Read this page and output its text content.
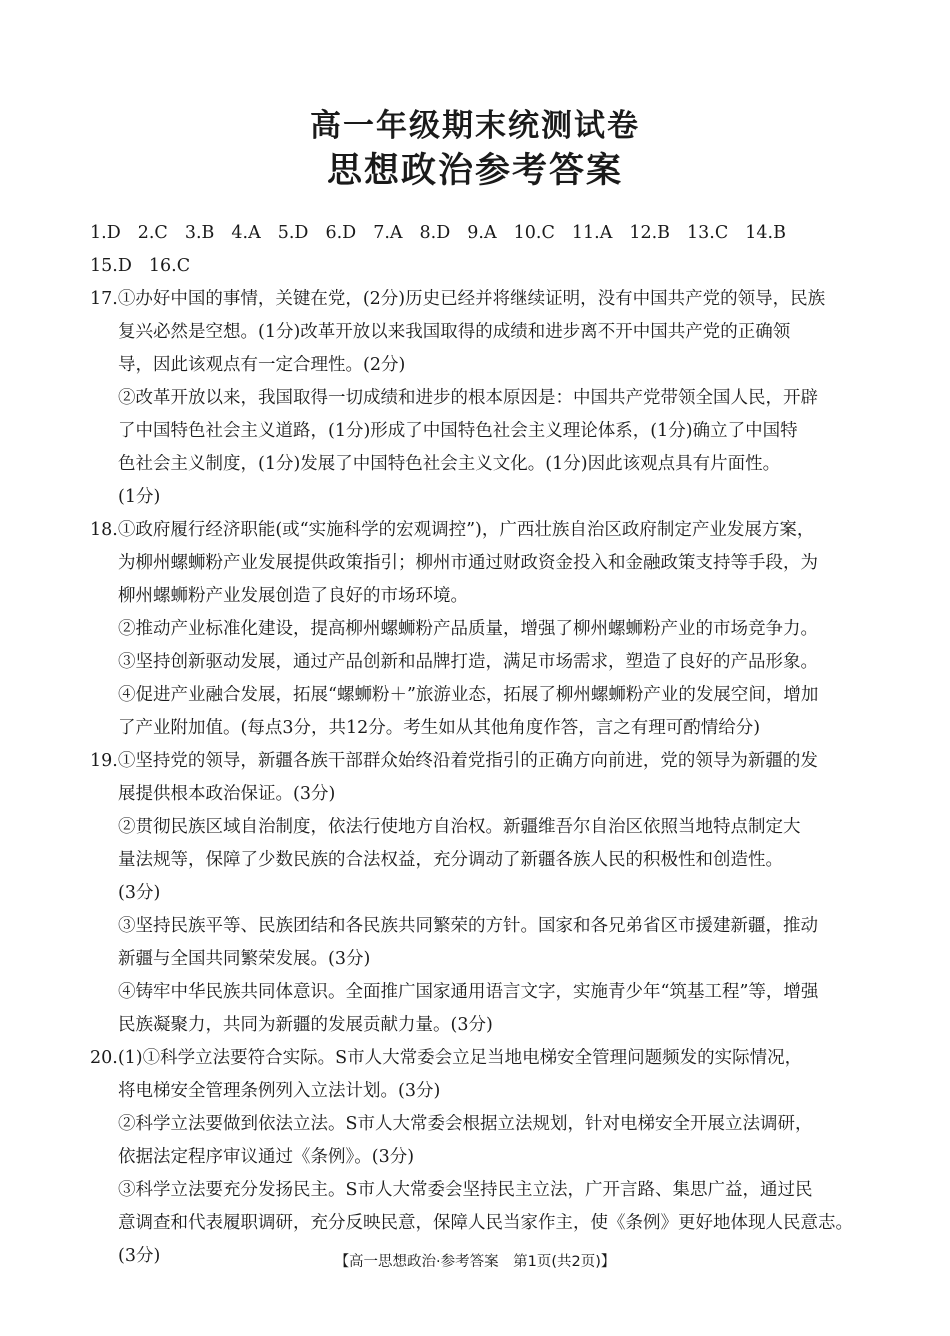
高一年级期末统测试卷
思想政治参考答案
1.D 2.C 3.B 4.A 5.D 6.D 7.A 8.D 9.A 10.C 11.A 12.B 13.C 14.B
15.D 16.C
17.①办好中国的事情，关键在党，(2分)历史已经并将继续证明，没有中国共产党的领导，民族
复兴必然是空想。(1分)改革开放以来我国取得的成绩和进步离不开中国共产党的正确领
导，因此该观点有一定合理性。(2分)
②改革开放以来，我国取得一切成绩和进步的根本原因是：中国共产党带领全国人民，开辟
了中国特色社会主义道路，(1分)形成了中国特色社会主义理论体系，(1分)确立了中国特
色社会主义制度，(1分)发展了中国特色社会主义文化。(1分)因此该观点具有片面性。
(1分)
18.①政府履行经济职能(或“实施科学的宏观调控”)，广西壮族自治区政府制定产业发展方案，
为柳州螺蛳粉产业发展提供政策指引；柳州市通过财政资金投入和金融政策支持等手段，为
柳州螺蛳粉产业发展创造了良好的市场环境。
②推动产业标准化建设，提高柳州螺蛳粉产品质量，增强了柳州螺蛳粉产业的市场竞争力。
③坚持创新驱动发展，通过产品创新和品牌打造，满足市场需求，塑造了良好的产品形象。
④促进产业融合发展，拓展“螺蛳粉＋”旅游业态，拓展了柳州螺蛳粉产业的发展空间，增加
了产业附加值。(每点3分，共12分。考生如从其他角度作答，言之有理可酌情给分)
19.①坚持党的领导，新疆各族干部群众始终沿着党指引的正确方向前进，党的领导为新疆的发
展提供根本政治保证。(3分)
②贯彻民族区域自治制度，依法行使地方自治权。新疆维吾尔自治区依照当地特点制定大
量法规等，保障了少数民族的合法权益，充分调动了新疆各族人民的积极性和创造性。
(3分)
③坚持民族平等、民族团结和各民族共同繁荣的方针。国家和各兄弟省区市援建新疆，推动
新疆与全国共同繁荣发展。(3分)
④铸牢中华民族共同体意识。全面推广国家通用语言文字，实施青少年“筑基工程”等，增强
民族凝聚力，共同为新疆的发展贡献力量。(3分)
20.(1)①科学立法要符合实际。S市人大常委会立足当地电梯安全管理问题频发的实际情况，
将电梯安全管理条例列入立法计划。(3分)
②科学立法要做到依法立法。S市人大常委会根据立法规划，针对电梯安全开展立法调研，
依据法定程序审议通过《条例》。(3分)
③科学立法要充分发扬民主。S市人大常委会坚持民主立法，广开言路、集思广益，通过民
意调查和代表履职调研，充分反映民意，保障人民当家作主，使《条例》更好地体现人民意志。
(3分)	【高一思想政治·参考答案　第1页(共2页)】
